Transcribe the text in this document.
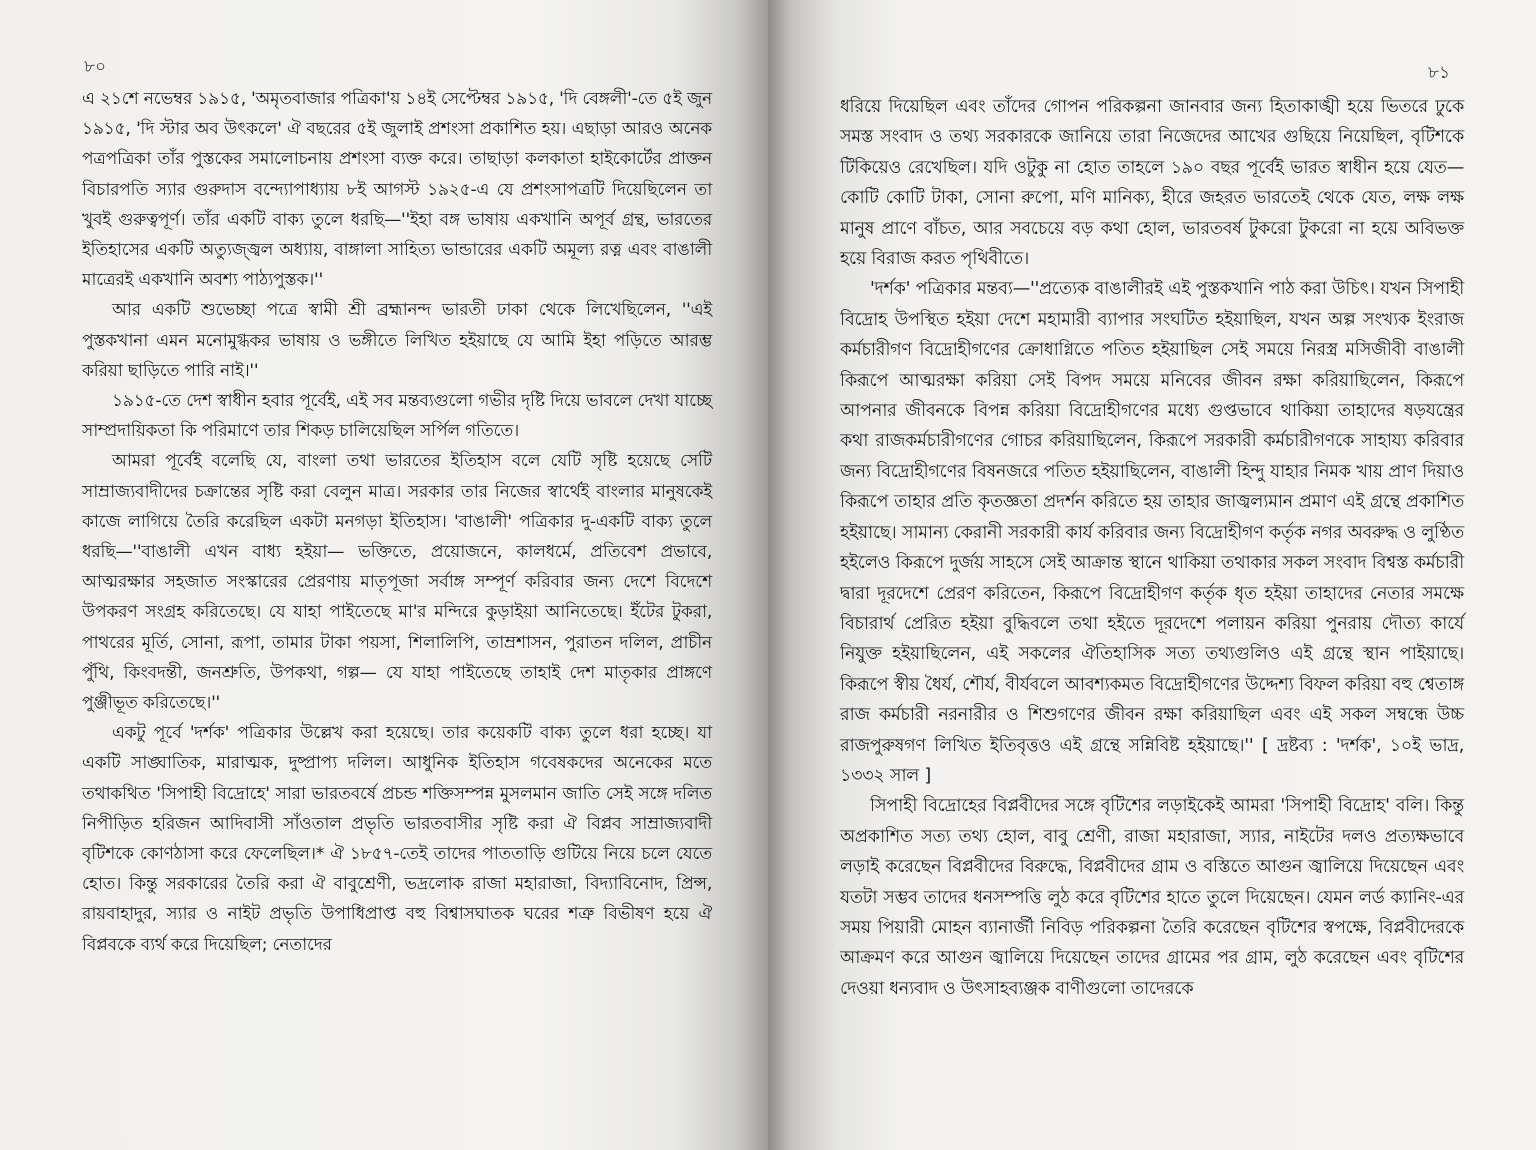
৮০

এ ২১শে নভেম্বর ১৯১৫, 'অমৃতবাজার পত্রিকা'য় ১৪ই সেপ্টেম্বর ১৯১৫, 'দি বেঙ্গলী'-তে ৫ই জুন ১৯১৫, 'দি স্টার অব উৎকলে' ঐ বছরের ৫ই জুলাই প্রশংসা প্রকাশিত হয়। এছাড়া আরও অনেক পত্রপত্রিকা তাঁর পুস্তকের সমালোচনায় প্রশংসা ব্যক্ত করে। তাছাড়া কলকাতা হাইকোর্টের প্রাক্তন বিচারপতি স্যার গুরুদাস বন্দ্যোপাধ্যায় ৮ই আগস্ট ১৯২৫-এ যে প্রশংসাপত্রটি দিয়েছিলেন তা খুবই গুরুত্বপূর্ণ। তাঁর একটি বাক্য তুলে ধরছি—''ইহা বঙ্গ ভাষায় একখানি অপূর্ব গ্রন্থ, ভারতের ইতিহাসের একটি অত্যুজ্জ্বল অধ্যায়, বাঙ্গালা সাহিত্য ভান্ডারের একটি অমূল্য রত্ন এবং বাঙালী মাত্রেরই একখানি অবশ্য পাঠ্যপুস্তক।''

আর একটি শুভেচ্ছা পত্রে স্বামী শ্রী ব্রহ্মানন্দ ভারতী ঢাকা থেকে লিখেছিলেন, ''এই পুস্তকখানা এমন মনোমুগ্ধকর ভাষায় ও ভঙ্গীতে লিখিত হইয়াছে যে আমি ইহা পড়িতে আরম্ভ করিয়া ছাড়িতে পারি নাই।''

১৯১৫-তে দেশ স্বাধীন হবার পূর্বেই, এই সব মন্তব্যগুলো গভীর দৃষ্টি দিয়ে ভাবলে দেখা যাচ্ছে সাম্প্রদায়িকতা কি পরিমাণে তার শিকড় চালিয়েছিল সর্পিল গতিতে।

আমরা পূর্বেই বলেছি যে, বাংলা তথা ভারতের ইতিহাস বলে যেটি সৃষ্টি হয়েছে সেটি সাম্রাজ্যবাদীদের চক্রান্তের সৃষ্টি করা বেলুন মাত্র। সরকার তার নিজের স্বার্থেই বাংলার মানুষকেই কাজে লাগিয়ে তৈরি করেছিল একটা মনগড়া ইতিহাস। 'বাঙালী' পত্রিকার দু-একটি বাক্য তুলে ধরছি—''বাঙালী এখন বাধ্য হইয়া— ভক্তিতে, প্রয়োজনে, কালধর্মে, প্রতিবেশ প্রভাবে, আত্মরক্ষার সহজাত সংস্কারের প্রেরণায় মাতৃপূজা সর্বাঙ্গ সম্পূর্ণ করিবার জন্য দেশে বিদেশে উপকরণ সংগ্রহ করিতেছে। যে যাহা পাইতেছে মা'র মন্দিরে কুড়াইয়া আনিতেছে। ইঁটের টুকরা, পাথরের মূর্তি, সোনা, রূপা, তামার টাকা পয়সা, শিলালিপি, তাম্রশাসন, পুরাতন দলিল, প্রাচীন পুঁথি, কিংবদন্তী, জনশ্রুতি, উপকথা, গল্প— যে যাহা পাইতেছে তাহাই দেশ মাতৃকার প্রাঙ্গণে পুঞ্জীভূত করিতেছে।''

একটু পূর্বে 'দর্শক' পত্রিকার উল্লেখ করা হয়েছে। তার কয়েকটি বাক্য তুলে ধরা হচ্ছে। যা একটি সাঙ্ঘাতিক, মারাত্মক, দুষ্প্রাপ্য দলিল। আধুনিক ইতিহাস গবেষকদের অনেকের মতে তথাকথিত 'সিপাহী বিদ্রোহে' সারা ভারতবর্ষে প্রচন্ড শক্তিসম্পন্ন মুসলমান জাতি সেই সঙ্গে দলিত নিপীড়িত হরিজন আদিবাসী সাঁওতাল প্রভৃতি ভারতবাসীর সৃষ্টি করা ঐ বিপ্লব সাম্রাজ্যবাদী বৃটিশকে কোণঠাসা করে ফেলেছিল।* ঐ ১৮৫৭-তেই তাদের পাততাড়ি গুটিয়ে নিয়ে চলে যেতে হোত। কিন্তু সরকারের তৈরি করা ঐ বাবুশ্রেণী, ভদ্রলোক রাজা মহারাজা, বিদ্যাবিনোদ, প্রিন্স, রায়বাহাদুর, স্যার ও নাইট প্রভৃতি উপাধিপ্রাপ্ত বহু বিশ্বাসঘাতক ঘরের শত্রু বিভীষণ হয়ে ঐ বিপ্লবকে ব্যর্থ করে দিয়েছিল; নেতাদের

৮১

ধরিয়ে দিয়েছিল এবং তাঁদের গোপন পরিকল্পনা জানবার জন্য হিতাকাঙ্খী হয়ে ভিতরে ঢুকে সমস্ত সংবাদ ও তথ্য সরকারকে জানিয়ে তারা নিজেদের আখের গুছিয়ে নিয়েছিল, বৃটিশকে টিকিয়েও রেখেছিল। যদি ওটুকু না হোত তাহলে ১৯০ বছর পূর্বেই ভারত স্বাধীন হয়ে যেত— কোটি কোটি টাকা, সোনা রুপো, মণি মানিক্য, হীরে জহরত ভারতেই থেকে যেত, লক্ষ লক্ষ মানুষ প্রাণে বাঁচত, আর সবচেয়ে বড় কথা হোল, ভারতবর্ষ টুকরো টুকরো না হয়ে অবিভক্ত হয়ে বিরাজ করত পৃথিবীতে।

'দর্শক' পত্রিকার মন্তব্য—''প্রত্যেক বাঙালীরই এই পুস্তকখানি পাঠ করা উচিৎ। যখন সিপাহী বিদ্রোহ উপস্থিত হইয়া দেশে মহামারী ব্যাপার সংঘটিত হইয়াছিল, যখন অল্প সংখ্যক ইংরাজ কর্মচারীগণ বিদ্রোহীগণের ক্রোধাগ্নিতে পতিত হইয়াছিল সেই সময়ে নিরস্ত্র মসিজীবী বাঙালী কিরূপে আত্মরক্ষা করিয়া সেই বিপদ সময়ে মনিবের জীবন রক্ষা করিয়াছিলেন, কিরূপে আপনার জীবনকে বিপন্ন করিয়া বিদ্রোহীগণের মধ্যে গুপ্তভাবে থাকিয়া তাহাদের ষড়যন্ত্রের কথা রাজকর্মচারীগণের গোচর করিয়াছিলেন, কিরূপে সরকারী কর্মচারীগণকে সাহায্য করিবার জন্য বিদ্রোহীগণের বিষনজরে পতিত হইয়াছিলেন, বাঙালী হিন্দু যাহার নিমক খায় প্রাণ দিয়াও কিরূপে তাহার প্রতি কৃতজ্ঞতা প্রদর্শন করিতে হয় তাহার জাজ্বল্যমান প্রমাণ এই গ্রন্থে প্রকাশিত হইয়াছে। সামান্য কেরানী সরকারী কার্য করিবার জন্য বিদ্রোহীগণ কর্তৃক নগর অবরুদ্ধ ও লুণ্ঠিত হইলেও কিরূপে দুর্জয় সাহসে সেই আক্রান্ত স্থানে থাকিয়া তথাকার সকল সংবাদ বিশ্বস্ত কর্মচারী দ্বারা দূরদেশে প্রেরণ করিতেন, কিরূপে বিদ্রোহীগণ কর্তৃক ধৃত হইয়া তাহাদের নেতার সমক্ষে বিচারার্থ প্রেরিত হইয়া বুদ্ধিবলে তথা হইতে দূরদেশে পলায়ন করিয়া পুনরায় দৌত্য কার্যে নিযুক্ত হইয়াছিলেন, এই সকলের ঐতিহাসিক সত্য তথ্যগুলিও এই গ্রন্থে স্থান পাইয়াছে। কিরূপে স্বীয় ধৈর্য, শৌর্য, বীর্যবলে আবশ্যকমত বিদ্রোহীগণের উদ্দেশ্য বিফল করিয়া বহু শ্বেতাঙ্গ রাজ কর্মচারী নরনারীর ও শিশুগণের জীবন রক্ষা করিয়াছিল এবং এই সকল সম্বন্ধে উচ্চ রাজপুরুষগণ লিখিত ইতিবৃত্তও এই গ্রন্থে সন্নিবিষ্ট হইয়াছে।'' [ দ্রষ্টব্য : 'দর্শক', ১০ই ভাদ্র, ১৩৩২ সাল ]

সিপাহী বিদ্রোহের বিপ্লবীদের সঙ্গে বৃটিশের লড়াইকেই আমরা 'সিপাহী বিদ্রোহ' বলি। কিন্তু অপ্রকাশিত সত্য তথ্য হোল, বাবু শ্রেণী, রাজা মহারাজা, স্যার, নাইটের দলও প্রত্যক্ষভাবে লড়াই করেছেন বিপ্লবীদের বিরুদ্ধে, বিপ্লবীদের গ্রাম ও বস্তিতে আগুন জ্বালিয়ে দিয়েছেন এবং যতটা সম্ভব তাদের ধনসম্পত্তি লুঠ করে বৃটিশের হাতে তুলে দিয়েছেন। যেমন লর্ড ক্যানিং-এর সময় পিয়ারী মোহন ব্যানার্জী নিবিড় পরিকল্পনা তৈরি করেছেন বৃটিশের স্বপক্ষে, বিপ্লবীদেরকে আক্রমণ করে আগুন জ্বালিয়ে দিয়েছেন তাদের গ্রামের পর গ্রাম, লুঠ করেছেন এবং বৃটিশের দেওয়া ধন্যবাদ ও উৎসাহব্যঞ্জক বাণীগুলো তাদেরকে
